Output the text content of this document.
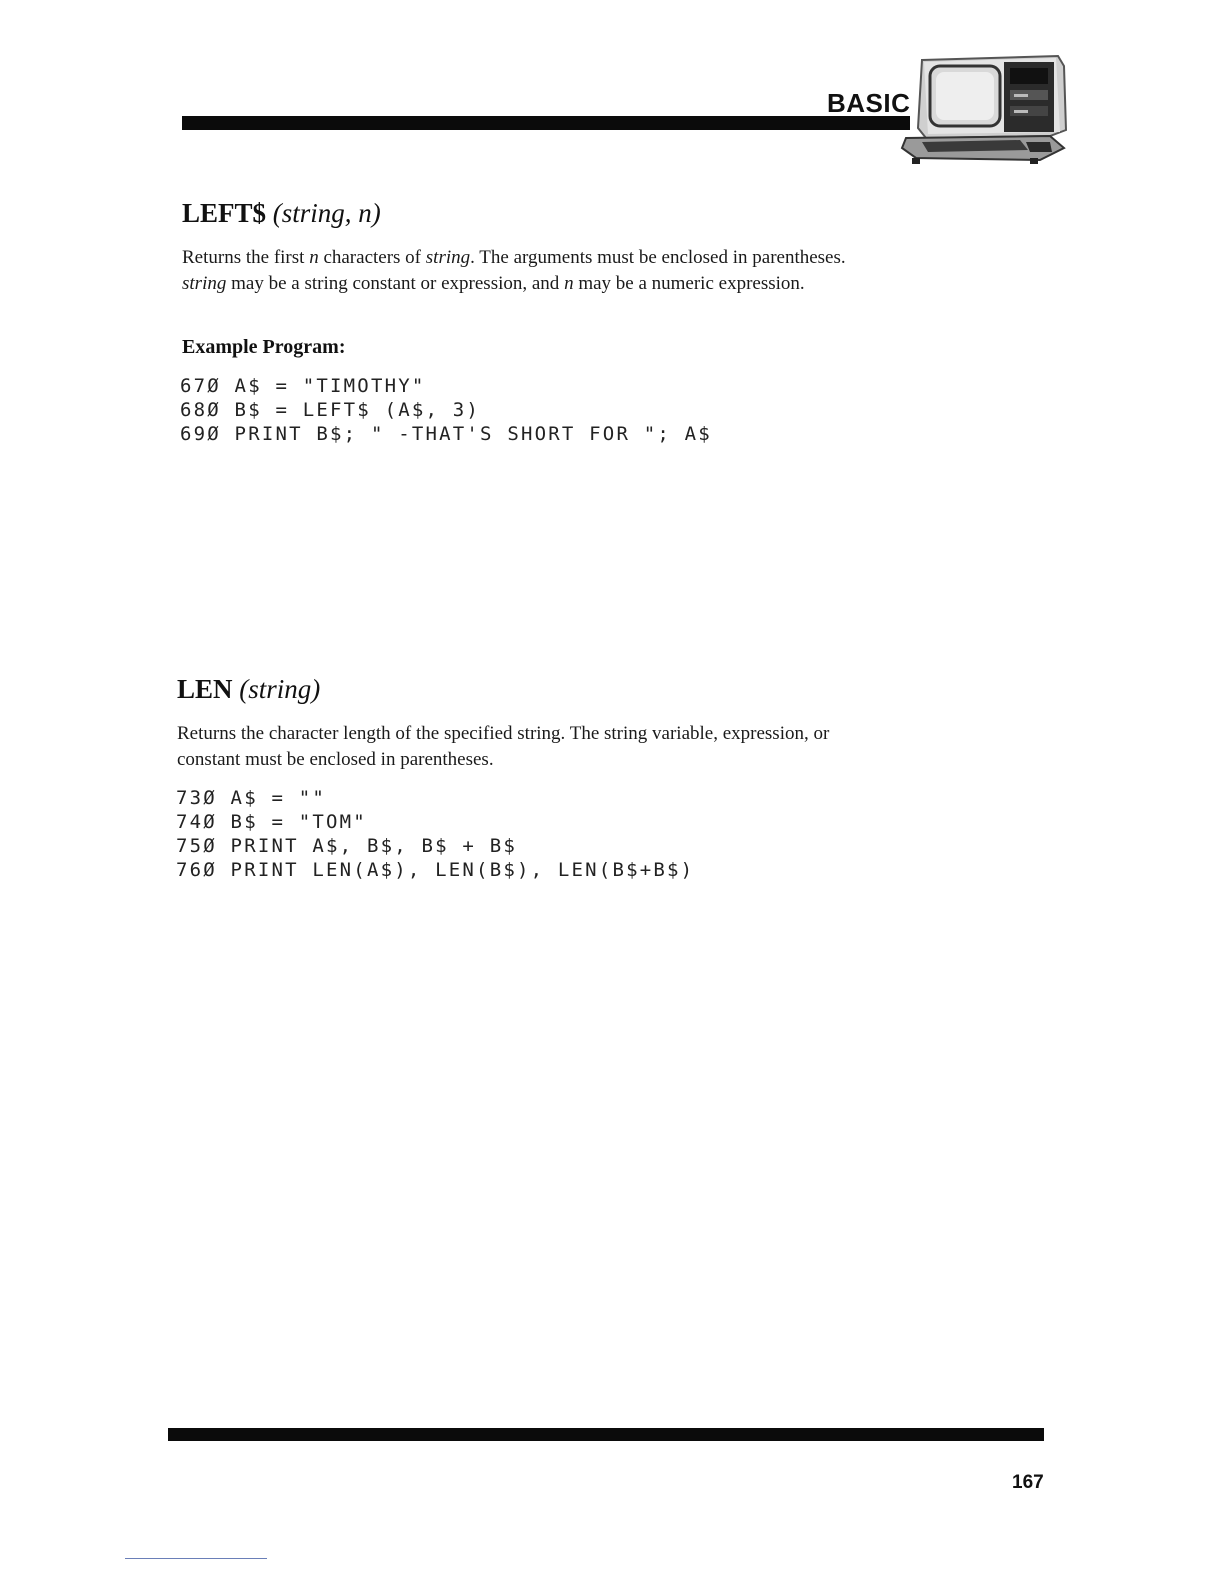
BASIC
LEFT$ (string, n)
Returns the first n characters of string. The arguments must be enclosed in parentheses. string may be a string constant or expression, and n may be a numeric expression.
Example Program:
67Ø A$ = "TIMOTHY"
68Ø B$ = LEFT$ (A$, 3)
69Ø PRINT B$; " -THAT'S SHORT FOR "; A$
LEN (string)
Returns the character length of the specified string. The string variable, expression, or constant must be enclosed in parentheses.
73Ø A$ = ""
74Ø B$ = "TOM"
75Ø PRINT A$, B$, B$ + B$
76Ø PRINT LEN(A$), LEN(B$), LEN(B$+B$)
167
